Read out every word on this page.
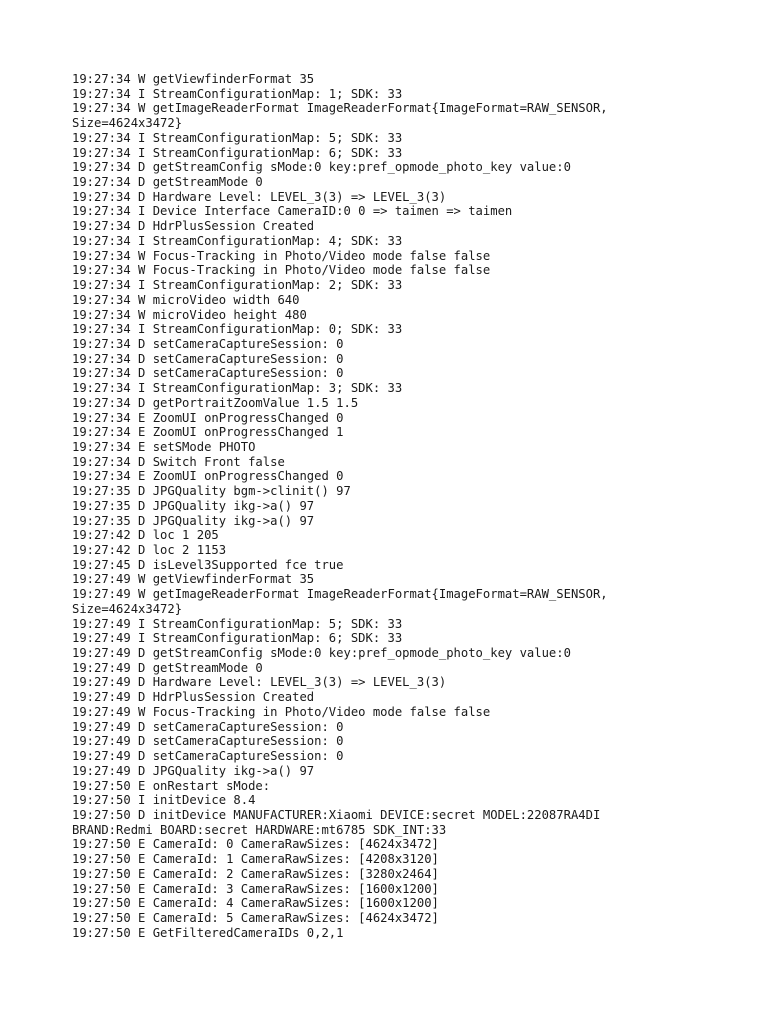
19:27:34 W getViewfinderFormat 35
19:27:34 I StreamConfigurationMap: 1; SDK: 33
19:27:34 W getImageReaderFormat ImageReaderFormat{ImageFormat=RAW_SENSOR,
Size=4624x3472}
19:27:34 I StreamConfigurationMap: 5; SDK: 33
19:27:34 I StreamConfigurationMap: 6; SDK: 33
19:27:34 D getStreamConfig sMode:0 key:pref_opmode_photo_key value:0
19:27:34 D getStreamMode 0
19:27:34 D Hardware Level: LEVEL_3(3) => LEVEL_3(3)
19:27:34 I Device Interface CameraID:0 0 => taimen => taimen
19:27:34 D HdrPlusSession Created
19:27:34 I StreamConfigurationMap: 4; SDK: 33
19:27:34 W Focus-Tracking in Photo/Video mode false false
19:27:34 W Focus-Tracking in Photo/Video mode false false
19:27:34 I StreamConfigurationMap: 2; SDK: 33
19:27:34 W microVideo width 640
19:27:34 W microVideo height 480
19:27:34 I StreamConfigurationMap: 0; SDK: 33
19:27:34 D setCameraCaptureSession: 0
19:27:34 D setCameraCaptureSession: 0
19:27:34 D setCameraCaptureSession: 0
19:27:34 I StreamConfigurationMap: 3; SDK: 33
19:27:34 D getPortraitZoomValue 1.5 1.5
19:27:34 E ZoomUI onProgressChanged 0
19:27:34 E ZoomUI onProgressChanged 1
19:27:34 E setSMode PHOTO
19:27:34 D Switch Front false
19:27:34 E ZoomUI onProgressChanged 0
19:27:35 D JPGQuality bgm->clinit() 97
19:27:35 D JPGQuality ikg->a() 97
19:27:35 D JPGQuality ikg->a() 97
19:27:42 D loc 1 205
19:27:42 D loc 2 1153
19:27:45 D isLevel3Supported fce true
19:27:49 W getViewfinderFormat 35
19:27:49 W getImageReaderFormat ImageReaderFormat{ImageFormat=RAW_SENSOR,
Size=4624x3472}
19:27:49 I StreamConfigurationMap: 5; SDK: 33
19:27:49 I StreamConfigurationMap: 6; SDK: 33
19:27:49 D getStreamConfig sMode:0 key:pref_opmode_photo_key value:0
19:27:49 D getStreamMode 0
19:27:49 D Hardware Level: LEVEL_3(3) => LEVEL_3(3)
19:27:49 D HdrPlusSession Created
19:27:49 W Focus-Tracking in Photo/Video mode false false
19:27:49 D setCameraCaptureSession: 0
19:27:49 D setCameraCaptureSession: 0
19:27:49 D setCameraCaptureSession: 0
19:27:49 D JPGQuality ikg->a() 97
19:27:50 E onRestart sMode:
19:27:50 I initDevice 8.4
19:27:50 D initDevice MANUFACTURER:Xiaomi DEVICE:secret MODEL:22087RA4DI
BRAND:Redmi BOARD:secret HARDWARE:mt6785 SDK_INT:33
19:27:50 E CameraId: 0 CameraRawSizes: [4624x3472]
19:27:50 E CameraId: 1 CameraRawSizes: [4208x3120]
19:27:50 E CameraId: 2 CameraRawSizes: [3280x2464]
19:27:50 E CameraId: 3 CameraRawSizes: [1600x1200]
19:27:50 E CameraId: 4 CameraRawSizes: [1600x1200]
19:27:50 E CameraId: 5 CameraRawSizes: [4624x3472]
19:27:50 E GetFilteredCameraIDs 0,2,1
